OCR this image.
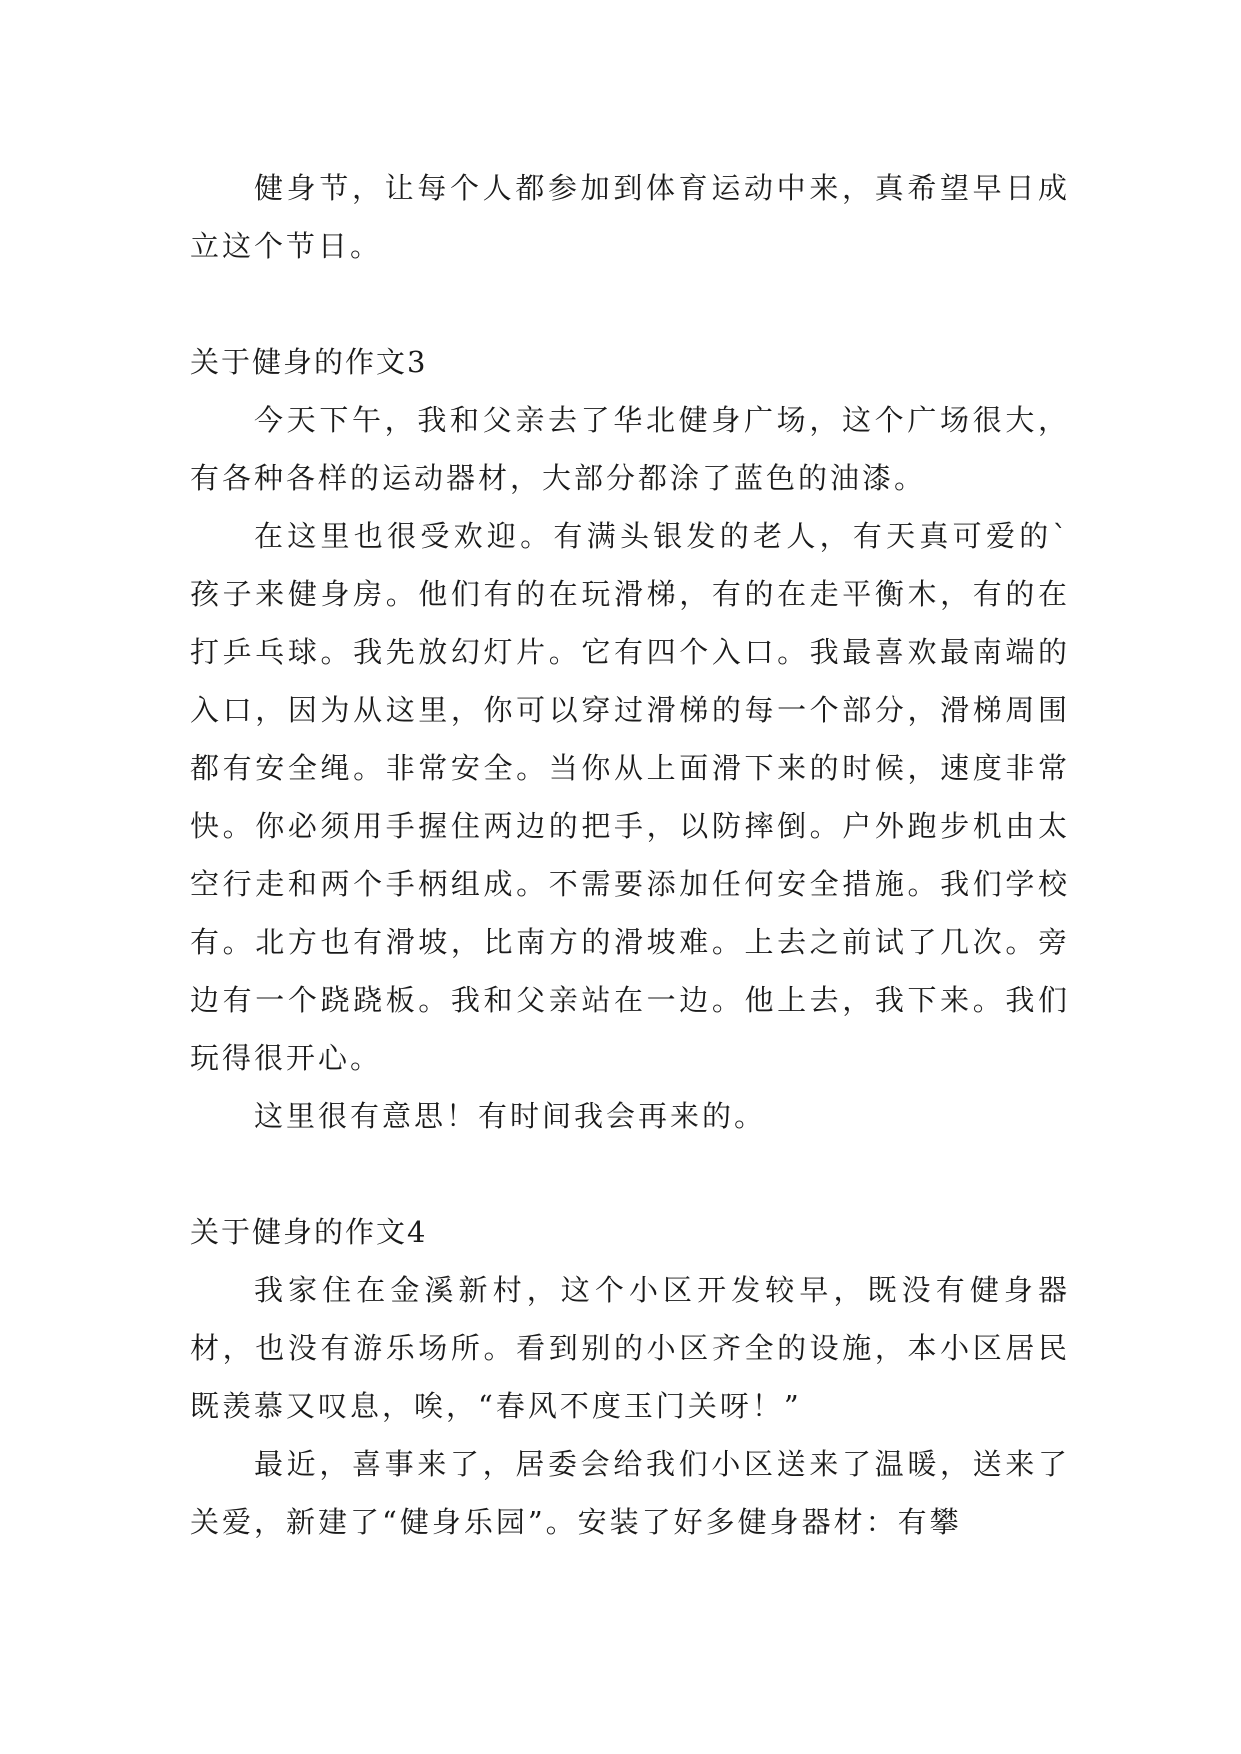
健身节，让每个人都参加到体育运动中来，真希望早日成立这个节日。

关于健身的作文3

今天下午，我和父亲去了华北健身广场，这个广场很大，有各种各样的运动器材，大部分都涂了蓝色的油漆。

在这里也很受欢迎。有满头银发的老人，有天真可爱的`孩子来健身房。他们有的在玩滑梯，有的在走平衡木，有的在打乒乓球。我先放幻灯片。它有四个入口。我最喜欢最南端的入口，因为从这里，你可以穿过滑梯的每一个部分，滑梯周围都有安全绳。非常安全。当你从上面滑下来的时候，速度非常快。你必须用手握住两边的把手，以防摔倒。户外跑步机由太空行走和两个手柄组成。不需要添加任何安全措施。我们学校有。北方也有滑坡，比南方的滑坡难。上去之前试了几次。旁边有一个跷跷板。我和父亲站在一边。他上去，我下来。我们玩得很开心。

这里很有意思！有时间我会再来的。

关于健身的作文4

我家住在金溪新村，这个小区开发较早，既没有健身器材，也没有游乐场所。看到别的小区齐全的设施，本小区居民既羡慕又叹息，唉，“春风不度玉门关呀！”

最近，喜事来了，居委会给我们小区送来了温暖，送来了关爱，新建了“健身乐园”。安装了好多健身器材：有攀
